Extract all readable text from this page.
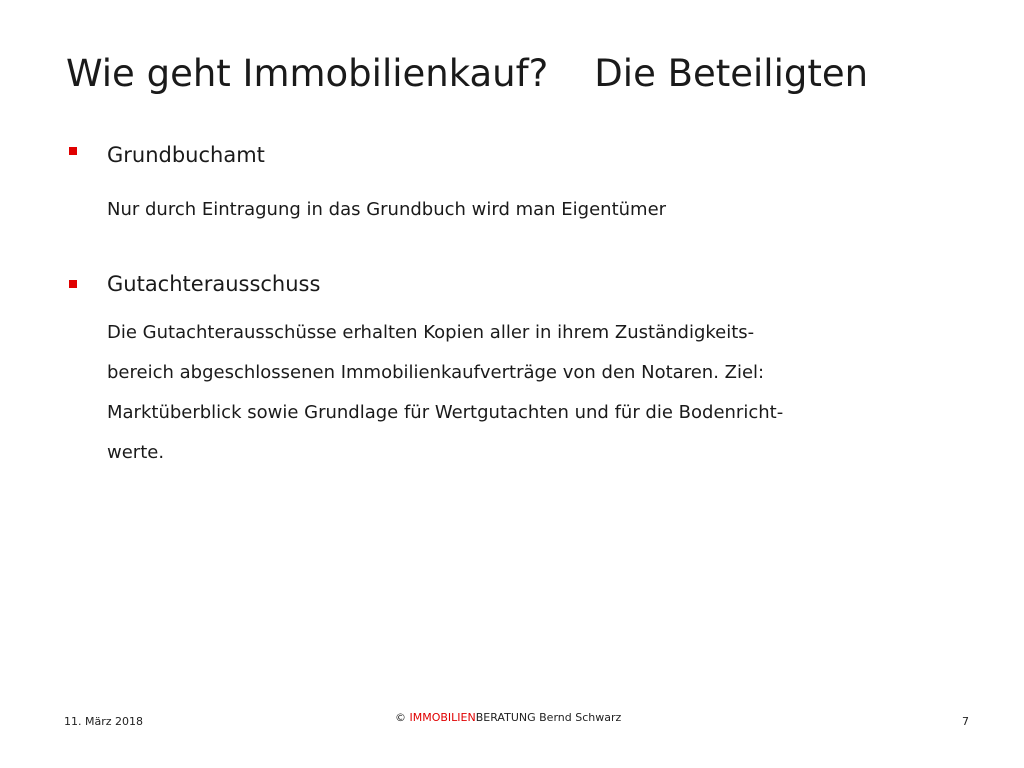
Wie geht Immobilienkauf? Die Beteiligten
Grundbuchamt
Nur durch Eintragung in das Grundbuch wird man Eigentümer
Gutachterausschuss
Die Gutachterausschüsse erhalten Kopien aller in ihrem Zuständigkeits-
bereich abgeschlossenen Immobilienkaufverträge von den Notaren. Ziel:
Marktüberblick sowie Grundlage für Wertgutachten und für die Bodenricht-
werte.
11. März 2018	© IMMOBILIENBERATUNG Bernd Schwarz	7
